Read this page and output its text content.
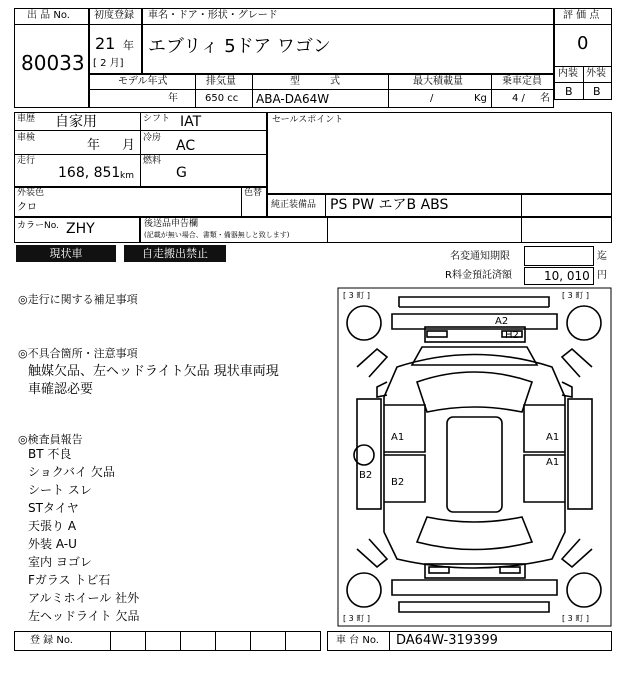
出 品 No.
80033
初度登録
21 年
[ 2 月]
車名・ドア・形状・グレード
エブリィ 5ドア ワゴン
評 価 点
0
内装 外装
B B
モデル年式
年
排気量
650 cc
型　　　式
ABA-DA64W
最大積載量
/	Kg
乗車定員
4 / 名
車歴 自家用	シフト IAT
車検	年 月 冷房 AC
走行
168, 851 km
燃料
G
セールスポイント
外装色
クロ
色替
純正装備品 PS PW エアB ABS
カラーNo. ZHY	後送品申告欄
(記載が無い場合、書類・備器無しと致します)
現状車	自走搬出禁止	名変通知期限	迄
R料金預託済額	10, 010 円
◎走行に関する補足事項
◎不具合箇所・注意事項
触媒欠品、左ヘッドライト欠品 現状車両現
車確認必要
◎検査員報告
BT 不良
ショクバイ 欠品
シート スレ
STタイヤ
天張り A
外装 A-U
室内 ヨゴレ
Fガラス トビ石
アルミホイール 社外
左ヘッドライト 欠品
[ 3 町 ]	[ 3 町 ]
[ 3 町 ]	[ 3 町 ]
A2
H2
A1	A1
A1
B2
B2
登 録 No.	車 台 No. DA64W-319399
